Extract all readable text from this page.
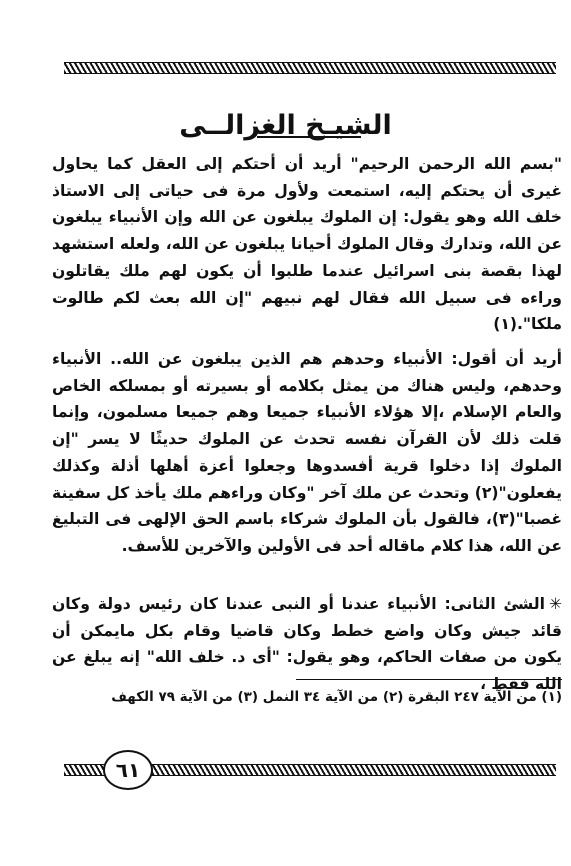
الشيـخ الغزالــى
"بسم الله الرحمن الرحيم" أريد أن أحتكم إلى العقل كما يحاول غيرى أن يحتكم إليه، استمعت ولأول مرة فى حياتى إلى الاستاذ خلف الله وهو يقول: إن الملوك يبلغون عن الله وإن الأنبياء يبلغون عن الله، وتدارك وقال الملوك أحيانا يبلغون عن الله، ولعله استشهد لهذا بقصة بنى اسرائيل عندما طلبوا أن يكون لهم ملك يقاتلون وراءه فى سبيل الله فقال لهم نبيهم "إن الله بعث لكم طالوت ملكا".(١)
أريد أن أقول: الأنبياء وحدهم هم الذين يبلغون عن الله.. الأنبياء وحدهم، وليس هناك من يمثل بكلامه أو بسيرته أو بمسلكه الخاص والعام الإسلام ،إلا هؤلاء الأنبياء جميعا وهم جميعا مسلمون، وإنما قلت ذلك لأن القرآن نفسه تحدث عن الملوك حديثًا لا يسر "إن الملوك إذا دخلوا قرية أفسدوها وجعلوا أعزة أهلها أذلة وكذلك يفعلون"(٢) وتحدث عن ملك آخر "وكان وراءهم ملك يأخذ كل سفينة غصبا"(٣)، فالقول بأن الملوك شركاء باسم الحق الإلهى فى التبليغ عن الله، هذا كلام ماقاله أحد فى الأولين والآخرين للأسف.
✳الشئ الثانى: الأنبياء عندنا أو النبى عندنا كان رئيس دولة وكان قائد جيش وكان واضع خطط وكان قاضيا وقام بكل مايمكن أن يكون من صفات الحاكم، وهو يقول: "أى د. خلف الله" إنه يبلغ عن الله فقط ،
(١) من الآية ٢٤٧ البقرة (٢) من الآية ٣٤ النمل (٣) من الآية ٧٩ الكهف
٦١
